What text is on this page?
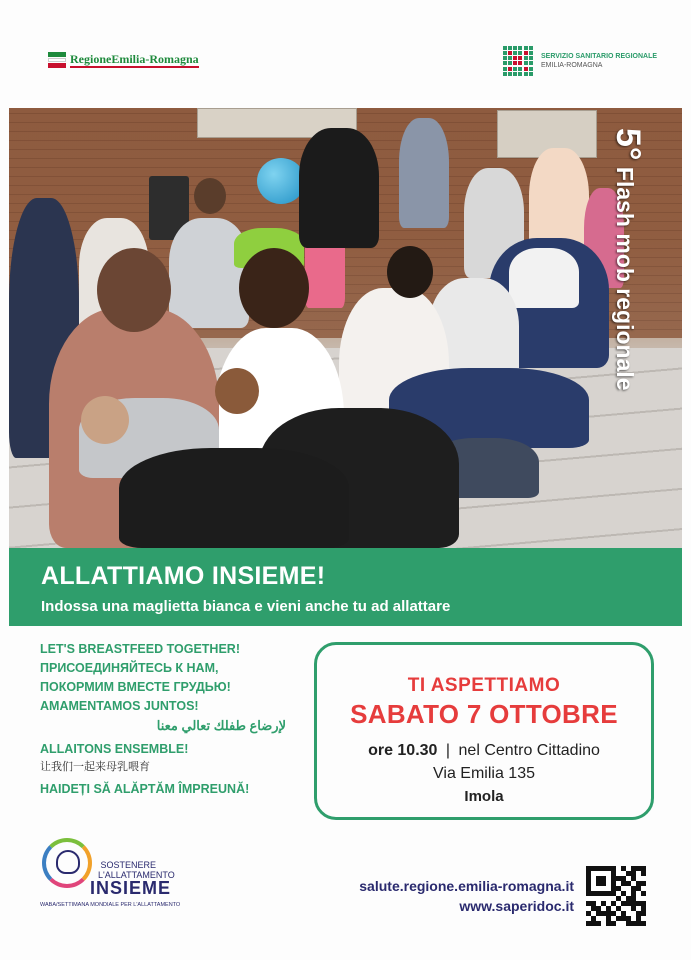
RegioneEmilia-Romagna	SERVIZIO SANITARIO REGIONALE
EMILIA-ROMAGNA
5° Flash mob regionale
ALLATTIAMO INSIEME!
Indossa una maglietta bianca e vieni anche tu ad allattare
LET'S BREASTFEED TOGETHER!
ПРИСОЕДИНЯЙТЕСЬ К НАМ,
ПОКОРМИМ ВМЕСТЕ ГРУДЬЮ!
AMAMENTAMOS JUNTOS!
لإرضاع طفلك تعالي معنا
ALLAITONS ENSEMBLE!
让我们一起来母乳喂育
HAIDEȚI SĂ ALĂPTĂM ÎMPREUNĂ!
TI ASPETTIAMO
SABATO 7 OTTOBRE
ore 10.30 | nel Centro Cittadino
Via Emilia 135
Imola
SOSTENERE
L'ALLATTAMENTO
INSIEME
WABA/SETTIMANA MONDIALE PER L'ALLATTAMENTO
salute.regione.emilia-romagna.it
www.saperidoc.it
